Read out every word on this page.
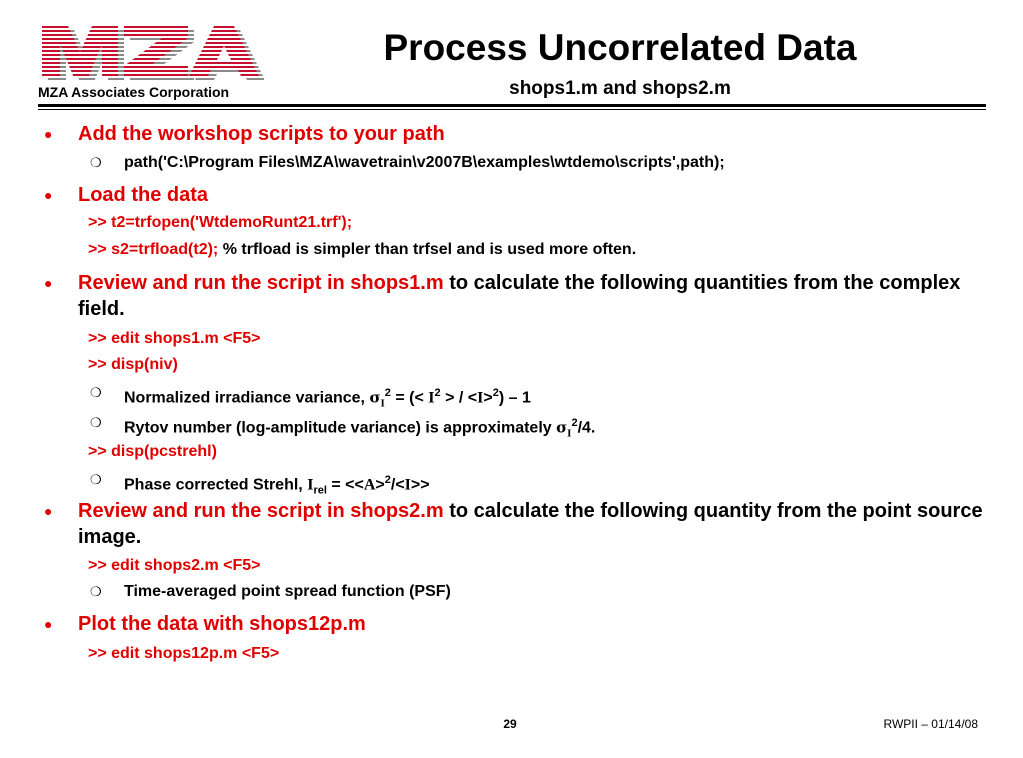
MZA Associates Corporation
Process Uncorrelated Data
shops1.m and shops2.m
● Add the workshop scripts to your path
❍ path('C:\Program Files\MZA\wavetrain\v2007B\examples\wtdemo\scripts',path);
● Load the data
>> t2=trfopen('WtdemoRunt21.trf');
>> s2=trfload(t2); % trfload is simpler than trfsel and is used more often.
● Review and run the script in shops1.m to calculate the following quantities from the complex field.
>> edit shops1.m <F5>
>> disp(niv)
❍ Normalized irradiance variance, $\sigma_I^2$ = (< $I^2$ > / <I>$^2$) – 1
❍ Rytov number (log-amplitude variance) is approximately $\sigma_I^2/4$.
>> disp(pcstrehl)
❍ Phase corrected Strehl, $I_{rel} = <<A>^2/<I>>$
● Review and run the script in shops2.m to calculate the following quantity from the point source image.
>> edit shops2.m <F5>
❍ Time-averaged point spread function (PSF)
● Plot the data with shops12p.m
>> edit shops12p.m <F5>
29	RWPII – 01/14/08
